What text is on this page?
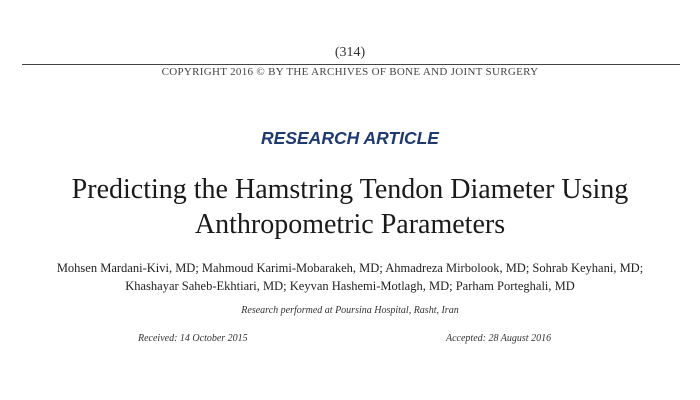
(314)
COPYRIGHT 2016 © BY THE ARCHIVES OF BONE AND JOINT SURGERY
RESEARCH ARTICLE
Predicting the Hamstring Tendon Diameter Using
Anthropometric Parameters
Mohsen Mardani-Kivi, MD; Mahmoud Karimi-Mobarakeh, MD; Ahmadreza Mirbolook, MD; Sohrab Keyhani, MD;
Khashayar Saheb-Ekhtiari, MD; Keyvan Hashemi-Motlagh, MD; Parham Porteghali, MD
Research performed at Poursina Hospital, Rasht, Iran
Received: 14 October 2015	Accepted: 28 August 2016
